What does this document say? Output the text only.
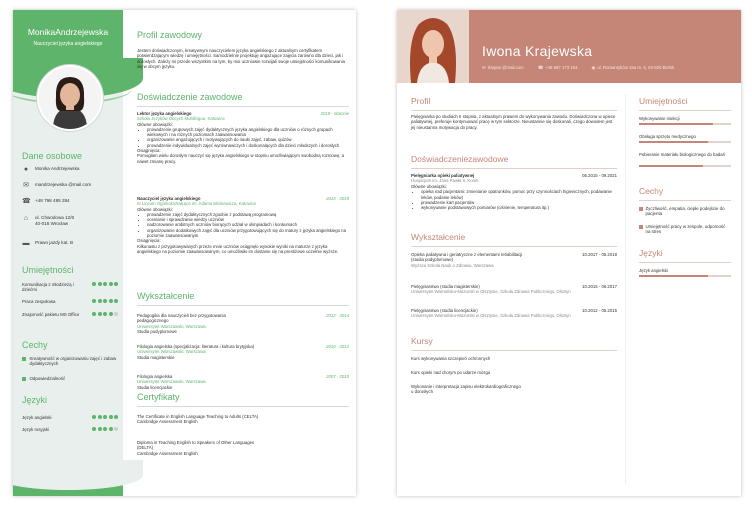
MonikaAndrzejewska
Nauczyciel języka angielskiego
Dane osobowe
Umiejętności
Cechy
Języki
Profil zawodowy
Jestem doświadczonym, kreatywnym nauczycielem języka angielskiego z aktualnym certyfikatem potwierdzającym wiedzę i umiejętności. Samodzielnie projektuję angażujące zajęcia zarówno dla dzieci, jak i dorosłych. Zależy mi przede wszystkim na tym, by moi uczniowie rozwijali swoje umiejętności komunikowania się w obcym języku.
Doświadczenie zawodowe
Wykształcenie
Certyfikaty
●	Monika Andrzejewska
✉ mandrzejewska @mail.com
☎ +48 798 495 284
⌂	ul. Chwodowa 12/6
40-016 Wrocław
▬ Prawo jazdy kat. B
Komunikacja z młodzieżą i dziećmi
Praca zespołowa
Znajomość pakietu MS Office
Kreatywność w organizowaniu zajęć i zabaw dydaktycznych
Odpowiedzialność
Język angielski
Język rosyjski
Lektor języka angielskiego	2019 - obecnie
Szkoła Języków Obcych Multilingua, Katowice
Główne obowiązki:
• prowadzenie grupowych zajęć dydaktycznych języka angielskiego dla uczniów o różnych grupach wiekowych i na różnych poziomach zaawansowania
• organizowanie angażujących i motywujących do nauki zajęć, zabaw, quizów
• prowadzenie indywidualnych zajęć wyrównawczych i doskonalących dla dzieci młodszych i dorosłych
Osiągnięcia:
Pomogłam wielu dorosłym nauczyć się języka angielskiego w stopniu umożliwiającym swobodną rozmowę, a nawet zmianę pracy.
Nauczyciel języka angielskiego	2015 - 2019
III Liceum Ogólnokształcące im. Adama Mickiewicza, Katowice
Główne obowiązki:
• prowadzenie zajęć dydaktycznych zgodnie z podstawą programową
• ocenianie i sprawdzanie wiedzy uczniów
• nadzorowanie ambitnych uczniów biorących udział w olimpiadach i konkursach
• organizowanie dodatkowych zajęć dla uczniów przygotowujących się do matury z języka angielskiego na poziomie zaawansowanym
Osiągnięcia:
Kilkunastu z przygotowywanych przeze mnie uczniów osiągnęło wysokie wyniki na maturze z języka angielskiego na poziomie zaawansowanym, co umożliwiło im dostanie się na prestiżowe uczelnie wyższe.
Pedagogika dla nauczycieli bez przygotowania pedagogicznego
2012 - 2014
Uniwersytet Warszawski, Warszawa
Studia podyplomowe
Filologia angielska (specjalizacja: literatura i kultura brytyjska)	2010 - 2012
Uniwersytet Warszawski, Warszawa
Studia magisterskie
Filologia angielska	2007 - 2010
Uniwersytet Warszawski, Warszawa
Studia licencjackie
The Certificate in English Language Teaching to Adults (CELTA)
Cambridge Assessment English
Diploma in Teaching English to Speakers of Other Languages (DELTA)
Cambridge Assessment English
Iwona Krajewska
✉ ikrajew @mail.com	☎ +48 687 173 164	◉ ul. Romantyków 15a m. 6, 63-820 Bielsk
Profil
Pielęgniarka po studiach II stopnia, z aktualnym prawem do wykonywania zawodu. Doświadczona w opiece paliatywnej, preferuje kontynuować pracę w tym sektorze. Nieustannie się doskonali, czego dowodem jest jej nieustanna motywacja do pracy.
Doświadczeniezawodowe
Wykształcenie
Kursy
Umiejętności
Cechy
Języki
Pielęgniarka opieki paliatywnej	05.2015 - 09.2021
Hospicjum im. Jana Pawła II, Konin
Główne obowiązki:
• opieka nad pacjentami: zmienianie opatrunków, pomoc przy czynnościach higienicznych, podawanie leków, podanie leków)
• prowadzenie kart pacjentów
• wykonywanie podstawowych pomiarów (ciśnienie, temperatura itp.)
Opieka paliatywna i geriatryczne z elementami rehabilitacji (studia podyplomowe)
10.2017 - 05.2018
Wyższa Szkoła Nauk o Zdrowiu, Warszawa
Pielęgniarstwo (studia magisterskie)	10.2015 - 06.2017
Uniwersytet Warmińsko-Mazurski w Olsztynie, Szkoła Zdrowia Publicznego, Olsztyn
Pielęgniarstwo (studia licencjackie)	10.2012 - 05.2015
Uniwersytet Warmińsko-Mazurski w Olsztynie, Szkoła Zdrowia Publicznego, Olsztyn
Kurs wykonywania szczepień ochronnych
Kurs opieki nad chorym po udarze mózgu
Wykonanie i interpretacja zapisu elektrokardiograficznego u dorosłych
Wykonywanie iniekcji
Obsługa sprzętu medycznego
Pobieranie materiału biologicznego do badań
Życzliwość, empatia, ciepłe podejście do pacjenta
Umiejętność pracy w zespole, odporność na stres
Język angielski
